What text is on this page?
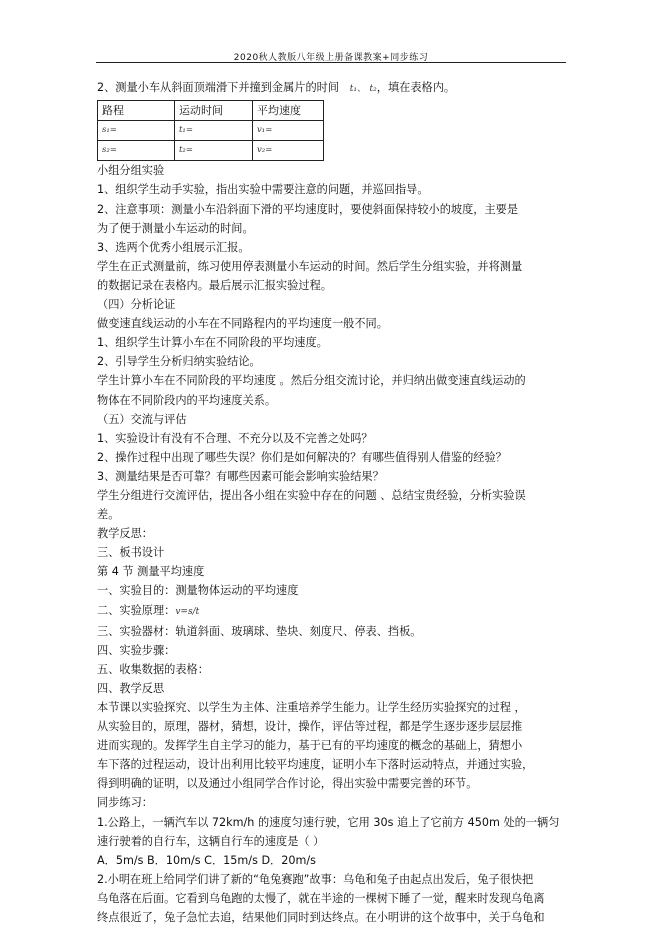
2020秋人教版八年级上册备课教案+同步练习
2、测量小车从斜面顶端滑下并撞到金属片的时间 t₁、 t₂，填在表格内。
路程	运动时间	平均速度
s₁=	t₁=	v₁=
s₂=	t₂=	v₂=
小组分组实验
1、组织学生动手实验，指出实验中需要注意的问题，并巡回指导。
2、注意事项：测量小车沿斜面下滑的平均速度时，要使斜面保持较小的坡度，主要是
为了便于测量小车运动的时间。
3、选两个优秀小组展示汇报。
学生在正式测量前，练习使用停表测量小车运动的时间。然后学生分组实验，并将测量
的数据记录在表格内。最后展示汇报实验过程。
（四）分析论证
做变速直线运动的小车在不同路程内的平均速度一般不同。
1、组织学生计算小车在不同阶段的平均速度。
2、引导学生分析归纳实验结论。
学生计算小车在不同阶段的平均速度 。然后分组交流讨论，并归纳出做变速直线运动的
物体在不同阶段内的平均速度关系。
（五）交流与评估
1、实验设计有没有不合理、不充分以及不完善之处吗？
2、操作过程中出现了哪些失误？你们是如何解决的？有哪些值得别人借鉴的经验？
3、测量结果是否可靠？有哪些因素可能会影响实验结果？
学生分组进行交流评估，提出各小组在实验中存在的问题 、总结宝贵经验，分析实验误
差。
教学反思：
三、板书设计
第 4 节 测量平均速度
一、实验目的：测量物体运动的平均速度
二、实验原理：v=s/t
三、实验器材：轨道斜面、玻璃球、垫块、刻度尺、停表、挡板。
四、实验步骤：
五、收集数据的表格：
四、教学反思
本节课以实验探究、以学生为主体、注重培养学生能力。让学生经历实验探究的过程 ，
从实验目的，原理，器材，猜想，设计，操作，评估等过程，都是学生逐步逐步层层推
进而实现的。发挥学生自主学习的能力，基于已有的平均速度的概念的基础上，猜想小
车下落的过程运动，设计出利用比较平均速度，证明小车下落时运动特点，并通过实验，
得到明确的证明，以及通过小组同学合作讨论，得出实验中需要完善的环节。
同步练习：
1.公路上，一辆汽车以 72km/h 的速度匀速行驶，它用 30s 追上了它前方 450m 处的一辆匀
速行驶着的自行车，这辆自行车的速度是（ ）
A．5m/s B．10m/s C．15m/s D．20m/s
2.小明在班上给同学们讲了新的“龟兔赛跑”故事：乌龟和兔子由起点出发后，兔子很快把
乌龟落在后面。它看到乌龟跑的太慢了，就在半途的一棵树下睡了一觉，醒来时发现乌龟离
终点很近了，兔子急忙去追，结果他们同时到达终点。在小明讲的这个故事中，关于乌龟和
